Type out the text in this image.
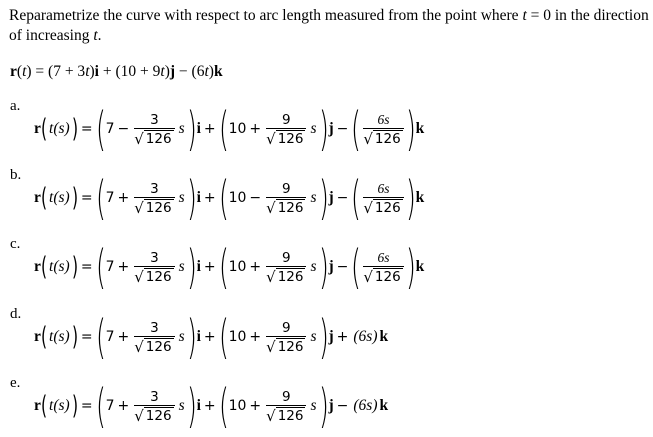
Reparametrize the curve with respect to arc length measured from the point where t = 0 in the direction of increasing t.
r(t) = (7 + 3t)i + (10 + 9t)j − (6t)k
a.
r ( t(s) ) = ( $7 - \frac{3}{√ 126}$ s ) i + ( $10 + \frac{9}{√ 126}$ s ) j − ( $\frac{6s}{√ 126}$ ) k
b.
r ( t(s) ) = ( $7 + \frac{3}{√ 126}$ s ) i + ( $10 - \frac{9}{√ 126}$ s ) j − ( $\frac{6s}{√ 126}$ ) k
c.
r ( t(s) ) = ( $7 + \frac{3}{√ 126}$ s ) i + ( $10 + \frac{9}{√ 126}$ s ) j − ( $\frac{6s}{√ 126}$ ) k
d.
r ( t(s) ) = ( $7 + \frac{3}{√ 126}$ s ) i + ( $10 + \frac{9}{√ 126}$ s ) j + (6s) k
e.
r ( t(s) ) = ( $7 + \frac{3}{√ 126}$ s ) i + ( $10 + \frac{9}{√ 126}$ s ) j − (6s) k
